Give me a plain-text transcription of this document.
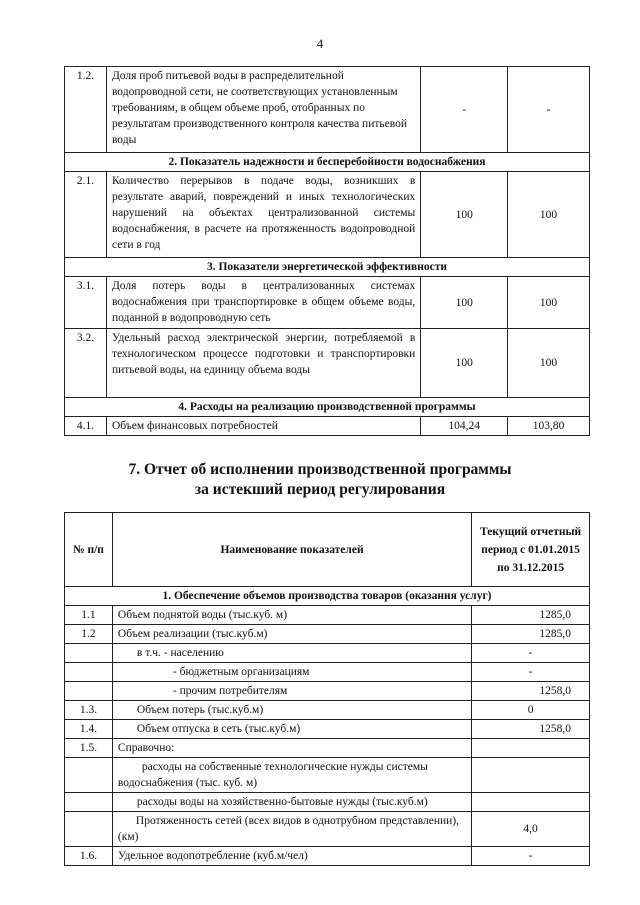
4
1.2.	Доля проб питьевой воды в распределительной водопроводной сети, не соответствующих установленным требованиям, в общем объеме проб, отобранных по результатам производственного контроля качества питьевой воды	-	-
2. Показатель надежности и бесперебойности водоснабжения			
2.1.	Количество перерывов в подаче воды, возникших в результате аварий, повреждений и иных технологических нарушений на объектах централизованной системы водоснабжения, в расчете на протяженность водопроводной сети в год	100	100
3. Показатели энергетической эффективности			
3.1.	Доля потерь воды в централизованных системах водоснабжения при транспортировке в общем объеме воды, поданной в водопроводную сеть	100	100
3.2.	Удельный расход электрической энергии, потребляемой в технологическом процессе подготовки и транспортировки питьевой воды, на единицу объема воды	100	100
4. Расходы на реализацию производственной программы			
4.1.	Объем финансовых потребностей	104,24	103,80
7. Отчет об исполнении производственной программы
за истекший период регулирования
№ п/п	Наименование показателей	Текущий отчетный период с 01.01.2015 по 31.12.2015
1. Обеспечение объемов производства товаров (оказания услуг)		
1.1	Объем поднятой воды (тыс.куб. м)	1285,0
1.2	Объем реализации (тыс.куб.м)	1285,0
	в т.ч. - населению	-
	- бюджетным организациям	-
	- прочим потребителям	1258,0
1.3.	Объем потерь (тыс.куб.м)	0
1.4.	Объем отпуска в сеть (тыс.куб.м)	1258,0
1.5.	Справочно:	
	расходы на собственные технологические нужды системы водоснабжения (тыс. куб. м)	
	расходы воды на хозяйственно-бытовые нужды (тыс.куб.м)	
	Протяженность сетей (всех видов в однотрубном представлении), (км)	4,0
1.6.	Удельное водопотребление (куб.м/чел)	-
